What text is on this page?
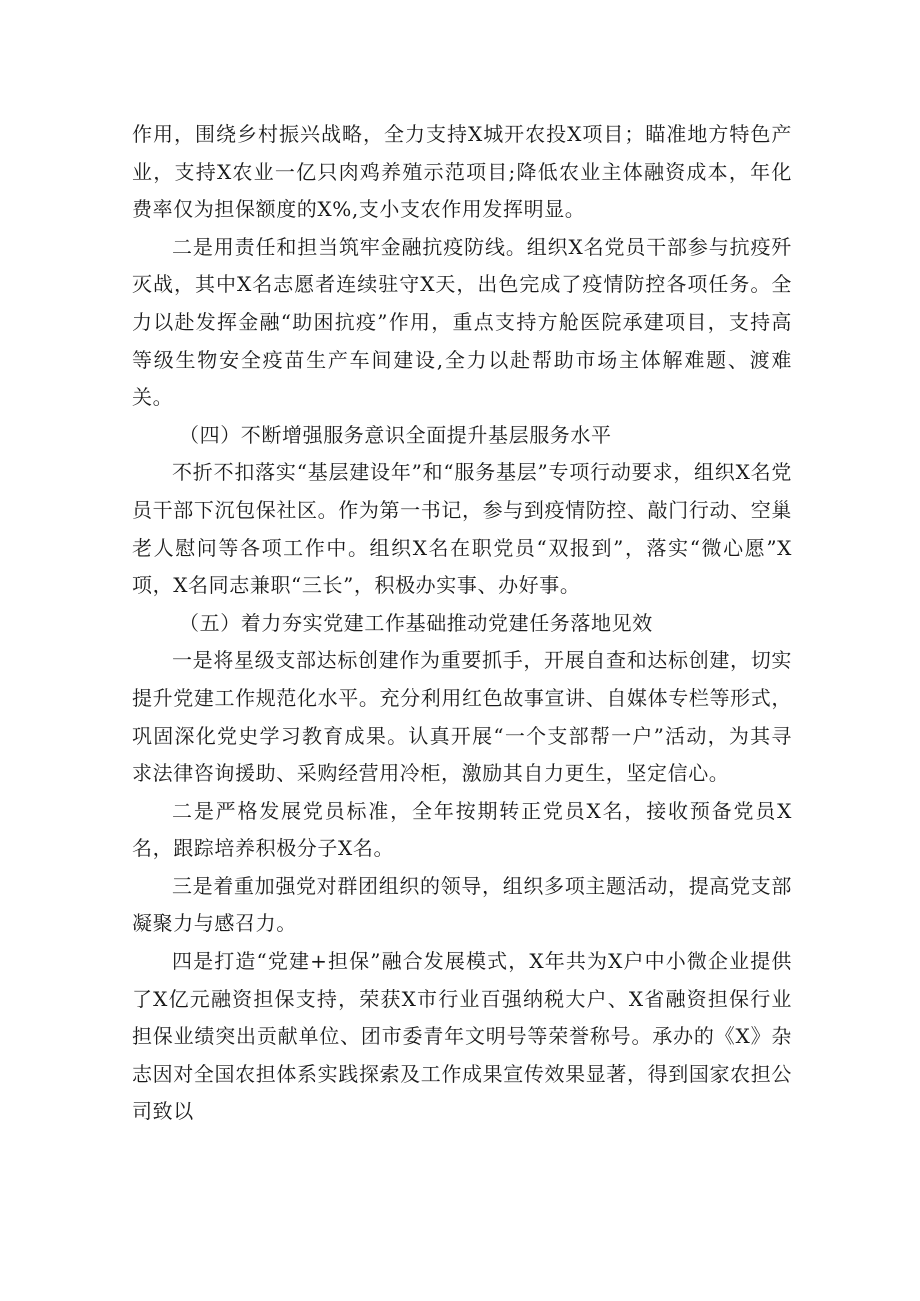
作用，围绕乡村振兴战略，全力支持X城开农投X项目；瞄准地方特色产业，支持X农业一亿只肉鸡养殖示范项目;降低农业主体融资成本，年化费率仅为担保额度的X%,支小支农作用发挥明显。

二是用责任和担当筑牢金融抗疫防线。组织X名党员干部参与抗疫歼灭战，其中X名志愿者连续驻守X天，出色完成了疫情防控各项任务。全力以赴发挥金融“助困抗疫”作用，重点支持方舱医院承建项目，支持高等级生物安全疫苗生产车间建设,全力以赴帮助市场主体解难题、渡难关。

（四）不断增强服务意识全面提升基层服务水平

不折不扣落实“基层建设年”和“服务基层”专项行动要求，组织X名党员干部下沉包保社区。作为第一书记，参与到疫情防控、敲门行动、空巢老人慰问等各项工作中。组织X名在职党员“双报到”，落实“微心愿”X项，X名同志兼职“三长”，积极办实事、办好事。

（五）着力夯实党建工作基础推动党建任务落地见效

一是将星级支部达标创建作为重要抓手，开展自查和达标创建，切实提升党建工作规范化水平。充分利用红色故事宣讲、自媒体专栏等形式，巩固深化党史学习教育成果。认真开展“一个支部帮一户”活动，为其寻求法律咨询援助、采购经营用冷柜，激励其自力更生，坚定信心。

二是严格发展党员标准，全年按期转正党员X名，接收预备党员X名，跟踪培养积极分子X名。

三是着重加强党对群团组织的领导，组织多项主题活动，提高党支部凝聚力与感召力。

四是打造“党建+担保”融合发展模式，X年共为X户中小微企业提供了X亿元融资担保支持，荣获X市行业百强纳税大户、X省融资担保行业担保业绩突出贡献单位、团市委青年文明号等荣誉称号。承办的《X》杂志因对全国农担体系实践探索及工作成果宣传效果显著，得到国家农担公司致以
